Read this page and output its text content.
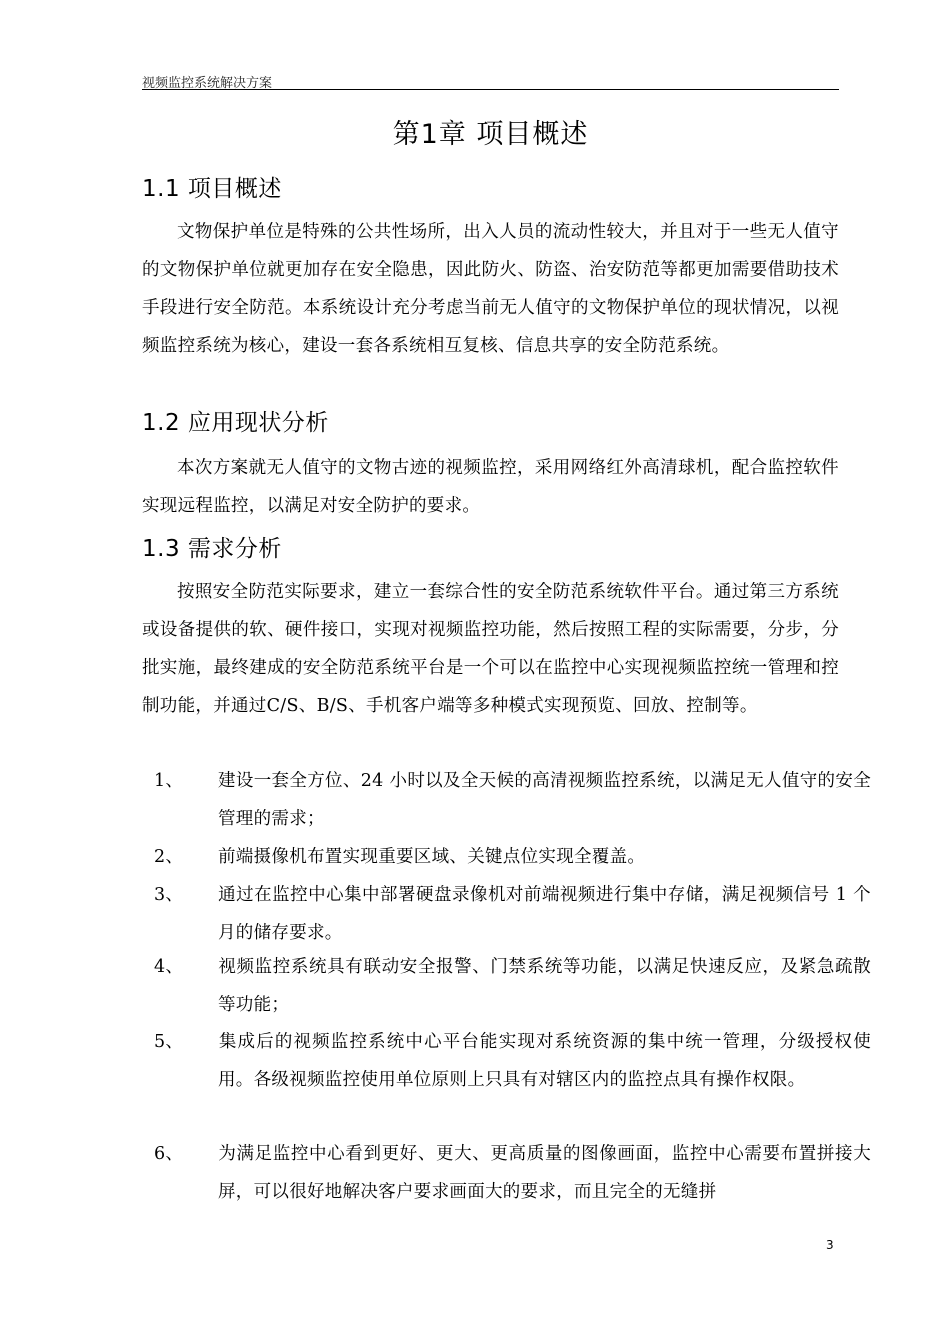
视频监控系统解决方案
第1章 项目概述
1.1 项目概述
文物保护单位是特殊的公共性场所，出入人员的流动性较大，并且对于一些无人值守的文物保护单位就更加存在安全隐患，因此防火、防盗、治安防范等都更加需要借助技术手段进行安全防范。本系统设计充分考虑当前无人值守的文物保护单位的现状情况，以视频监控系统为核心，建设一套各系统相互复核、信息共享的安全防范系统。
1.2 应用现状分析
本次方案就无人值守的文物古迹的视频监控，采用网络红外高清球机，配合监控软件实现远程监控，以满足对安全防护的要求。
1.3 需求分析
按照安全防范实际要求，建立一套综合性的安全防范系统软件平台。通过第三方系统或设备提供的软、硬件接口，实现对视频监控功能，然后按照工程的实际需要，分步，分批实施，最终建成的安全防范系统平台是一个可以在监控中心实现视频监控统一管理和控制功能，并通过C/S、B/S、手机客户端等多种模式实现预览、回放、控制等。
1、 建设一套全方位、24 小时以及全天候的高清视频监控系统，以满足无人值守的安全管理的需求；
2、 前端摄像机布置实现重要区域、关键点位实现全覆盖。
3、 通过在监控中心集中部署硬盘录像机对前端视频进行集中存储，满足视频信号 1 个月的储存要求。
4、 视频监控系统具有联动安全报警、门禁系统等功能，以满足快速反应，及紧急疏散等功能；
5、 集成后的视频监控系统中心平台能实现对系统资源的集中统一管理，分级授权使用。各级视频监控使用单位原则上只具有对辖区内的监控点具有操作权限。
6、 为满足监控中心看到更好、更大、更高质量的图像画面，监控中心需要布置拼接大屏，可以很好地解决客户要求画面大的要求，而且完全的无缝拼
3
